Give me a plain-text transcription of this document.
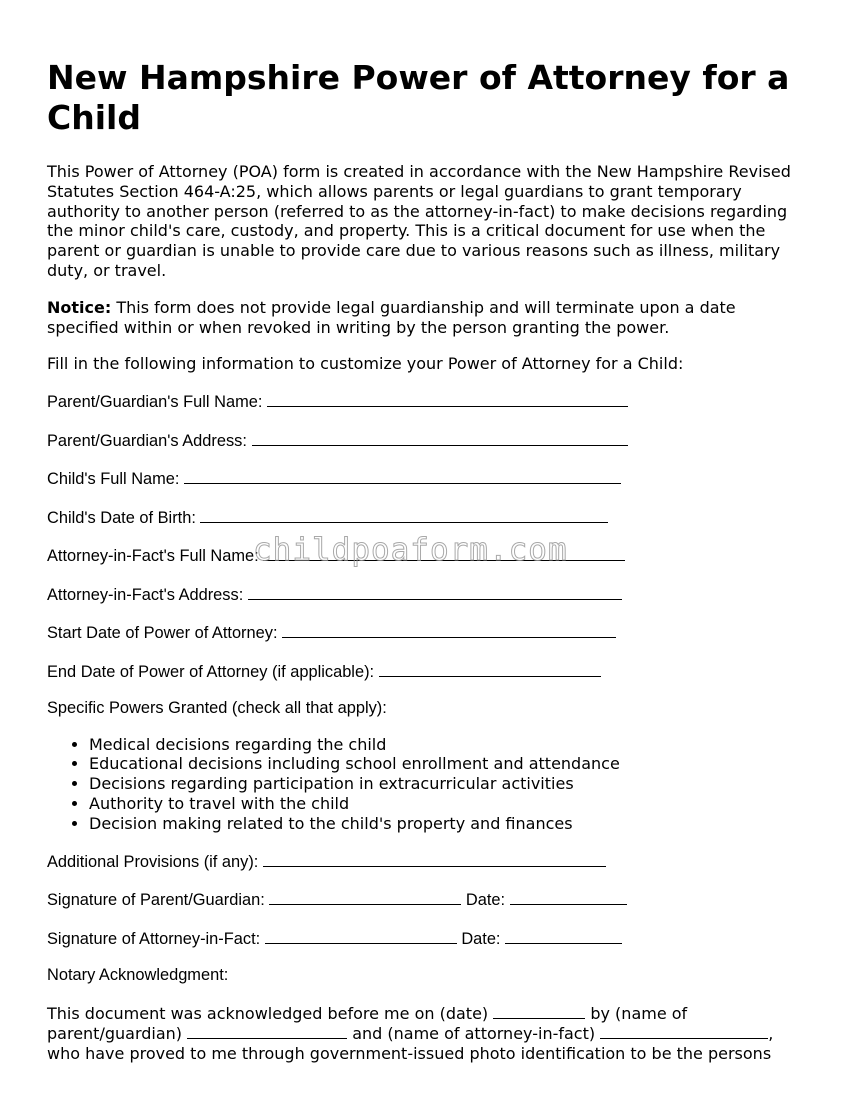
New Hampshire Power of Attorney for a Child

This Power of Attorney (POA) form is created in accordance with the New Hampshire Revised Statutes Section 464-A:25, which allows parents or legal guardians to grant temporary authority to another person (referred to as the attorney-in-fact) to make decisions regarding the minor child's care, custody, and property. This is a critical document for use when the parent or guardian is unable to provide care due to various reasons such as illness, military duty, or travel.

Notice: This form does not provide legal guardianship and will terminate upon a date specified within or when revoked in writing by the person granting the power.

Fill in the following information to customize your Power of Attorney for a Child:

Parent/Guardian's Full Name:
Parent/Guardian's Address:
Child's Full Name:
Child's Date of Birth:
Attorney-in-Fact's Full Name:
Attorney-in-Fact's Address:
Start Date of Power of Attorney:
End Date of Power of Attorney (if applicable):
Specific Powers Granted (check all that apply):
• Medical decisions regarding the child
• Educational decisions including school enrollment and attendance
• Decisions regarding participation in extracurricular activities
• Authority to travel with the child
• Decision making related to the child's property and finances
Additional Provisions (if any):
Signature of Parent/Guardian:	Date:
Signature of Attorney-in-Fact:	Date:
Notary Acknowledgment:

This document was acknowledged before me on (date)	by (name of parent/guardian)	and (name of attorney-in-fact)	, who have proved to me through government-issued photo identification to be the persons

childpoaform.com
